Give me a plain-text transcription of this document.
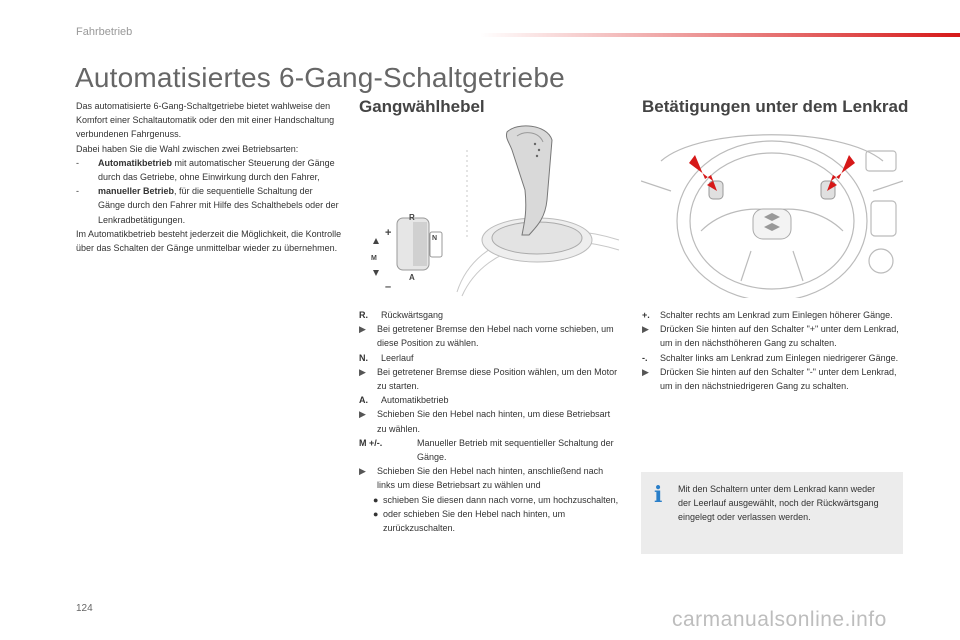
Fahrbetrieb
Automatisiertes 6-Gang-Schaltgetriebe

Das automatisierte 6-Gang-Schaltgetriebe bietet wahlweise den Komfort einer Schaltautomatik oder den mit einer Handschaltung verbundenen Fahrgenuss.

Dabei haben Sie die Wahl zwischen zwei Betriebsarten:

-	Automatikbetrieb mit automatischer Steuerung der Gänge durch das Getriebe, ohne Einwirkung durch den Fahrer,
-	manueller Betrieb, für die sequentielle Schaltung der Gänge durch den Fahrer mit Hilfe des Schalthebels oder der Lenkradbetätigungen.

Im Automatikbetrieb besteht jederzeit die Möglichkeit, die Kontrolle über das Schalten der Gänge unmittelbar wieder zu übernehmen.

Gangwählhebel
R
N
A
M
+
–
R.	Rückwärtsgang
▶	Bei getretener Bremse den Hebel nach vorne schieben, um diese Position zu wählen.
N.	Leerlauf
▶	Bei getretener Bremse diese Position wählen, um den Motor zu starten.
A.	Automatikbetrieb
▶	Schieben Sie den Hebel nach hinten, um diese Betriebsart zu wählen.
M +/-.	Manueller Betrieb mit sequentieller Schaltung der Gänge.
▶	Schieben Sie den Hebel nach hinten, anschließend nach links um diese Betriebsart zu wählen und
● schieben Sie diesen dann nach vorne, um hochzuschalten,
● oder schieben Sie den Hebel nach hinten, um zurückzuschalten.
Betätigungen unter dem Lenkrad
+.	Schalter rechts am Lenkrad zum Einlegen höherer Gänge.
▶	Drücken Sie hinten auf den Schalter "+" unter dem Lenkrad, um in den nächsthöheren Gang zu schalten.
-.	Schalter links am Lenkrad zum Einlegen niedrigerer Gänge.
▶	Drücken Sie hinten auf den Schalter "-" unter dem Lenkrad, um in den nächstniedrigeren Gang zu schalten.
i Mit den Schaltern unter dem Lenkrad kann weder der Leerlauf ausgewählt, noch der Rückwärtsgang eingelegt oder verlassen werden.
124	carmanualsonline.info
